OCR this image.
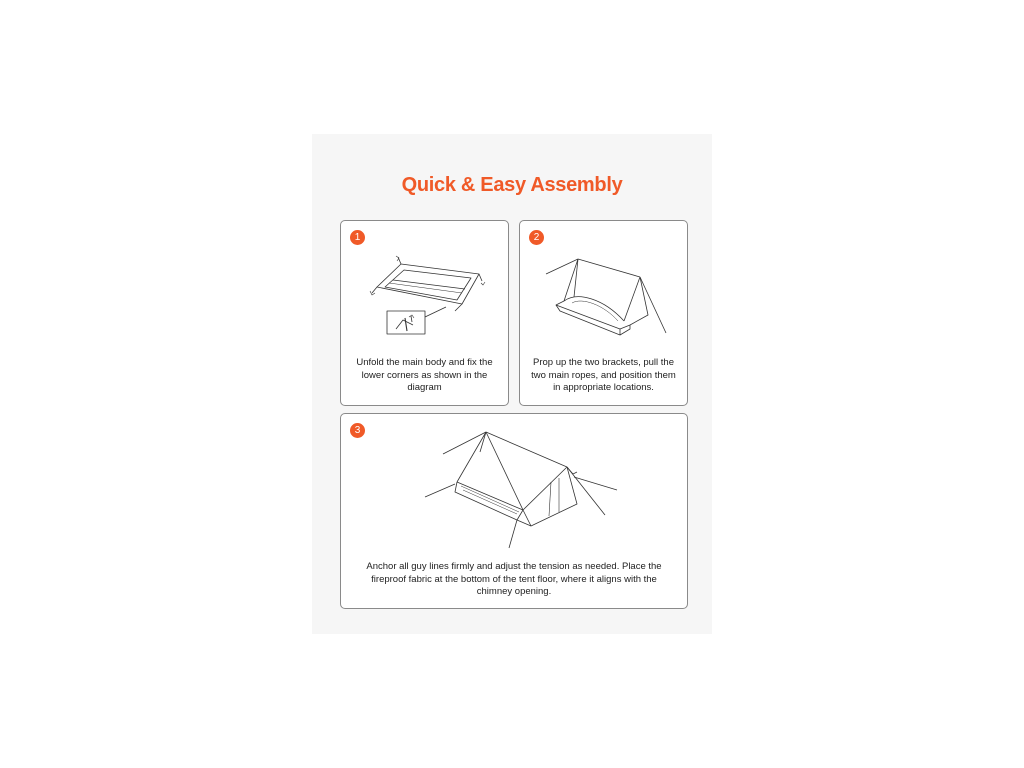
Quick & Easy Assembly
1
Unfold the main body and fix the lower corners as shown in the diagram
2
Prop up the two brackets, pull the two main ropes, and position them in appropriate locations.
3
Anchor all guy lines firmly and adjust the tension as needed. Place the fireproof fabric at the bottom of the tent floor, where it aligns with the chimney opening.
